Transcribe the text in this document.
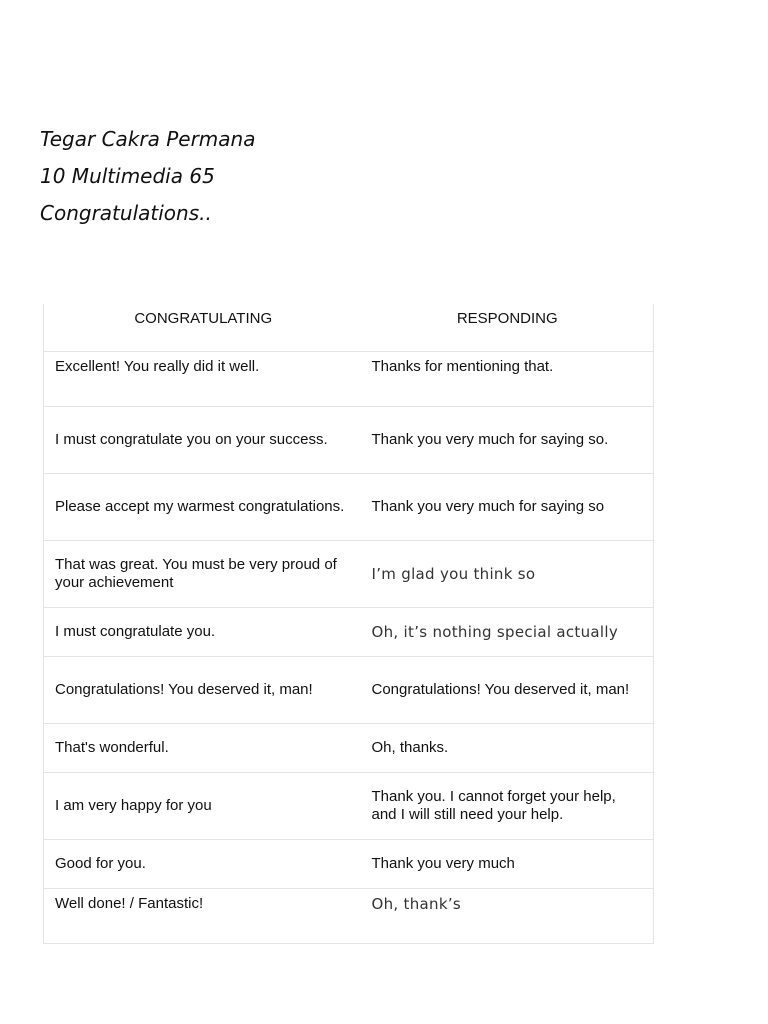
Tegar Cakra Permana
10 Multimedia 65
Congratulations..
CONGRATULATING	RESPONDING
Excellent! You really did it well.	Thanks for mentioning that.
I must congratulate you on your success.	Thank you very much for saying so.
Please accept my warmest congratulations.	Thank you very much for saying so
That was great. You must be very proud of your achievement	I’m glad you think so
I must congratulate you.	Oh, it’s nothing special actually
Congratulations! You deserved it, man!	Congratulations! You deserved it, man!
That's wonderful.	Oh, thanks.
I am very happy for you	Thank you. I cannot forget your help, and I will still need your help.
Good for you.	Thank you very much
Well done! / Fantastic!	Oh, thank’s
